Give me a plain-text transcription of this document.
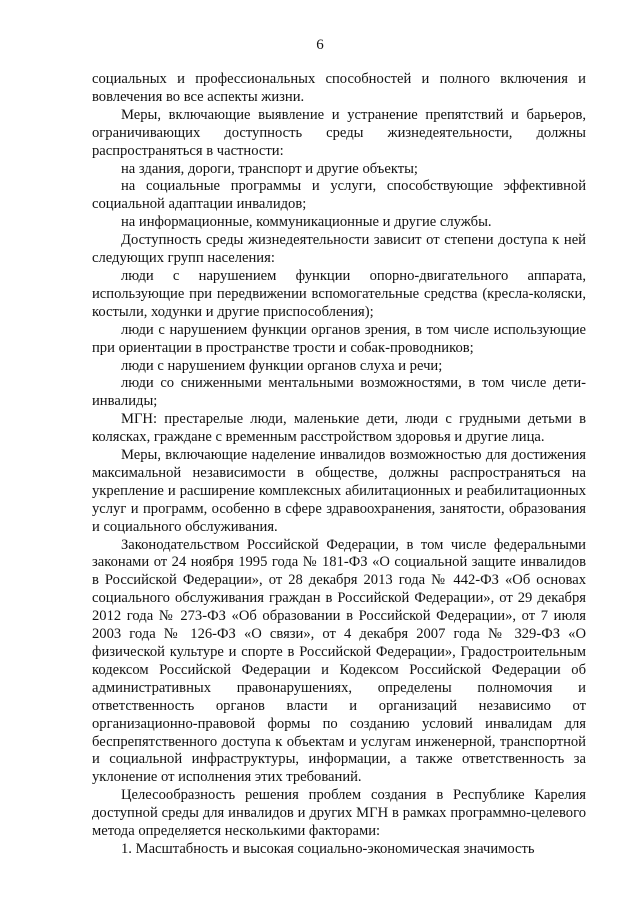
6

социальных и профессиональных способностей и полного включения и вовлечения во все аспекты жизни.

Меры, включающие выявление и устранение препятствий и барьеров, ограничивающих доступность среды жизнедеятельности, должны распространяться в частности:

на здания, дороги, транспорт и другие объекты;

на социальные программы и услуги, способствующие эффективной социальной адаптации инвалидов;

на информационные, коммуникационные и другие службы.

Доступность среды жизнедеятельности зависит от степени доступа к ней следующих групп населения:

люди с нарушением функции опорно-двигательного аппарата, использующие при передвижении вспомогательные средства (кресла-коляски, костыли, ходунки и другие приспособления);

люди с нарушением функции органов зрения, в том числе использующие при ориентации в пространстве трости и собак-проводников;

люди с нарушением функции органов слуха и речи;

люди со сниженными ментальными возможностями, в том числе дети-инвалиды;

МГН: престарелые люди, маленькие дети, люди с грудными детьми в колясках, граждане с временным расстройством здоровья и другие лица.

Меры, включающие наделение инвалидов возможностью для достижения максимальной независимости в обществе, должны распространяться на укрепление и расширение комплексных абилитационных и реабилитационных услуг и программ, особенно в сфере здравоохранения, занятости, образования и социального обслуживания.

Законодательством Российской Федерации, в том числе федеральными законами от 24 ноября 1995 года № 181-ФЗ «О социальной защите инвалидов в Российской Федерации», от 28 декабря 2013 года № 442-ФЗ «Об основах социального обслуживания граждан в Российской Федерации», от 29 декабря 2012 года № 273-ФЗ «Об образовании в Российской Федерации», от 7 июля 2003 года № 126-ФЗ «О связи», от 4 декабря 2007 года № 329-ФЗ «О физической культуре и спорте в Российской Федерации», Градостроительным кодексом Российской Федерации и Кодексом Российской Федерации об административных правонарушениях, определены полномочия и ответственность органов власти и организаций независимо от организационно-правовой формы по созданию условий инвалидам для беспрепятственного доступа к объектам и услугам инженерной, транспортной и социальной инфраструктуры, информации, а также ответственность за уклонение от исполнения этих требований.

Целесообразность решения проблем создания в Республике Карелия доступной среды для инвалидов и других МГН в рамках программно-целевого метода определяется несколькими факторами:

1. Масштабность и высокая социально-экономическая значимость
